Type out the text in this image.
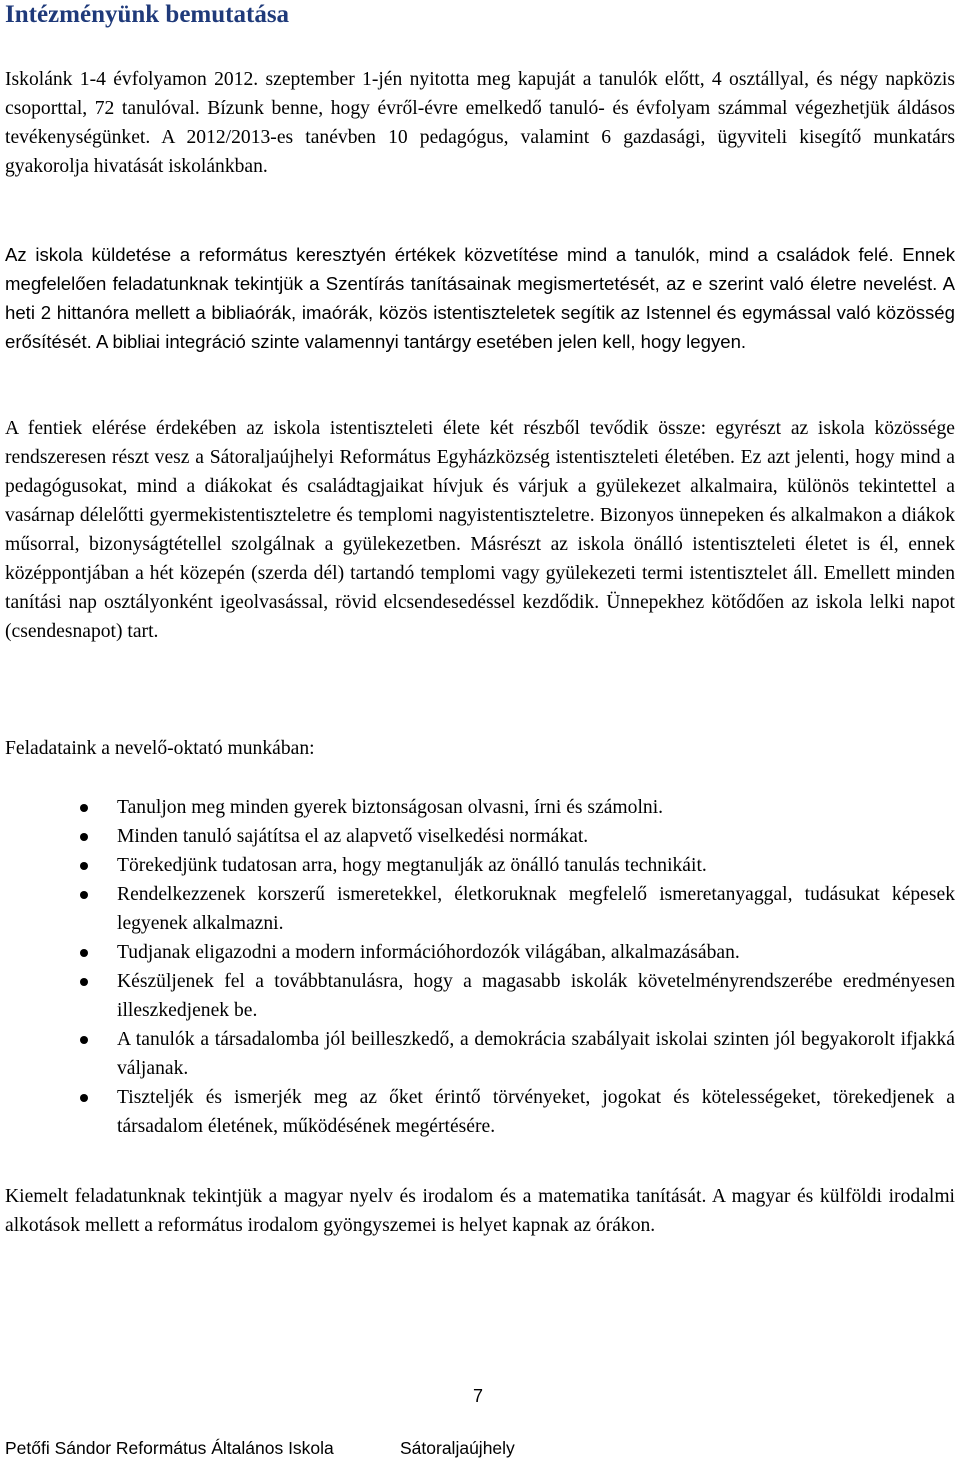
Intézményünk bemutatása

Iskolánk 1-4 évfolyamon 2012. szeptember 1-jén nyitotta meg kapuját a tanulók előtt, 4 osztállyal, és négy napközis csoporttal, 72 tanulóval. Bízunk benne, hogy évről-évre emelkedő tanuló- és évfolyam számmal végezhetjük áldásos tevékenységünket. A 2012/2013-es tanévben 10 pedagógus, valamint 6 gazdasági, ügyviteli kisegítő munkatárs gyakorolja hivatását iskolánkban.

Az iskola küldetése a református keresztyén értékek közvetítése mind a tanulók, mind a családok felé. Ennek megfelelően feladatunknak tekintjük a Szentírás tanításainak megismertetését, az e szerint való életre nevelést. A heti 2 hittanóra mellett a bibliaórák, imaórák, közös istentiszteletek segítik az Istennel és egymással való közösség erősítését. A bibliai integráció szinte valamennyi tantárgy esetében jelen kell, hogy legyen.

A fentiek elérése érdekében az iskola istentiszteleti élete két részből tevődik össze: egyrészt az iskola közössége rendszeresen részt vesz a Sátoraljaújhelyi Református Egyházközség istentiszteleti életében. Ez azt jelenti, hogy mind a pedagógusokat, mind a diákokat és családtagjaikat hívjuk és várjuk a gyülekezet alkalmaira, különös tekintettel a vasárnap délelőtti gyermekistentiszteletre és templomi nagyistentiszteletre. Bizonyos ünnepeken és alkalmakon a diákok műsorral, bizonyságtétellel szolgálnak a gyülekezetben. Másrészt az iskola önálló istentiszteleti életet is él, ennek középpontjában a hét közepén (szerda dél) tartandó templomi vagy gyülekezeti termi istentisztelet áll. Emellett minden tanítási nap osztályonként igeolvasással, rövid elcsendesedéssel kezdődik. Ünnepekhez kötődően az iskola lelki napot (csendesnapot) tart.

Feladataink a nevelő-oktató munkában:

Tanuljon meg minden gyerek biztonságosan olvasni, írni és számolni.
Minden tanuló sajátítsa el az alapvető viselkedési normákat.
Törekedjünk tudatosan arra, hogy megtanulják az önálló tanulás technikáit.
Rendelkezzenek korszerű ismeretekkel, életkoruknak megfelelő ismeretanyaggal, tudásukat képesek legyenek alkalmazni.
Tudjanak eligazodni a modern információhordozók világában, alkalmazásában.
Készüljenek fel a továbbtanulásra, hogy a magasabb iskolák követelményrendszerébe eredményesen illeszkedjenek be.
A tanulók a társadalomba jól beilleszkedő, a demokrácia szabályait iskolai szinten jól begyakorolt ifjakká váljanak.
Tiszteljék és ismerjék meg az őket érintő törvényeket, jogokat és kötelességeket, törekedjenek a társadalom életének, működésének megértésére.

Kiemelt feladatunknak tekintjük a magyar nyelv és irodalom és a matematika tanítását. A magyar és külföldi irodalmi alkotások mellett a református irodalom gyöngyszemei is helyet kapnak az órákon.

7
Petőfi Sándor Református Általános Iskola	Sátoraljaújhely
